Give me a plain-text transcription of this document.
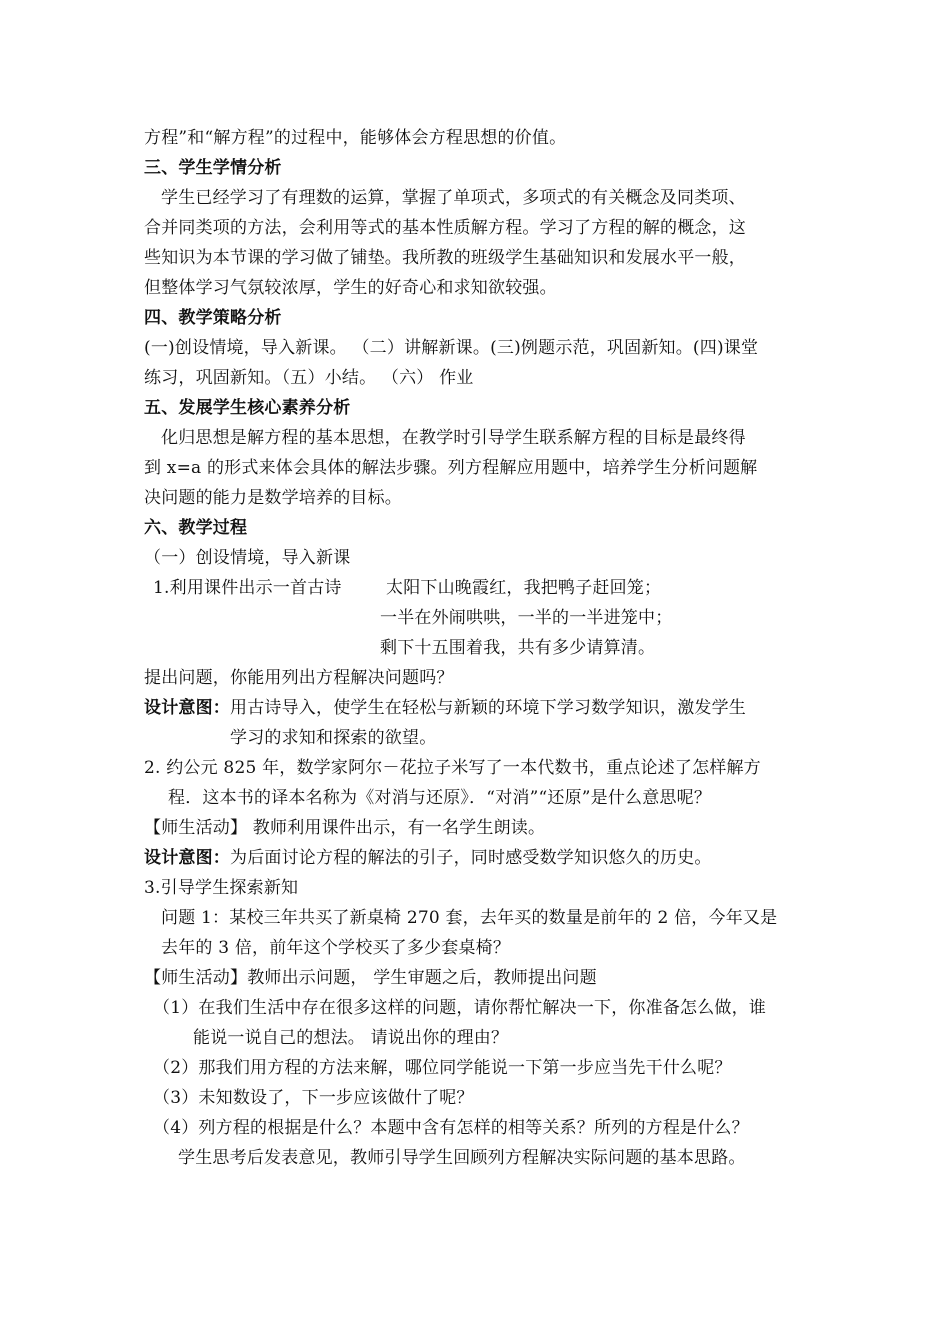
方程”和“解方程”的过程中，能够体会方程思想的价值。
三、学生学情分析
学生已经学习了有理数的运算，掌握了单项式，多项式的有关概念及同类项、
合并同类项的方法，会利用等式的基本性质解方程。学习了方程的解的概念，这
些知识为本节课的学习做了铺垫。我所教的班级学生基础知识和发展水平一般，
但整体学习气氛较浓厚，学生的好奇心和求知欲较强。
四、教学策略分析
(一)创设情境，导入新课。 （二）讲解新课。(三)例题示范，巩固新知。(四)课堂
练习，巩固新知。（五）小结。 （六） 作业
五、发展学生核心素养分析
化归思想是解方程的基本思想，在教学时引导学生联系解方程的目标是最终得
到 x=a 的形式来体会具体的解法步骤。列方程解应用题中，培养学生分析问题解
决问题的能力是数学培养的目标。
六、教学过程
（一）创设情境，导入新课
1.利用课件出示一首古诗	太阳下山晚霞红，我把鸭子赶回笼；
一半在外闹哄哄，一半的一半进笼中；
剩下十五围着我，共有多少请算清。
提出问题，你能用列出方程解决问题吗？
设计意图： 用古诗导入，使学生在轻松与新颖的环境下学习数学知识，激发学生
学习的求知和探索的欲望。
2. 约公元 825 年，数学家阿尔－花拉子米写了一本代数书，重点论述了怎样解方
程．这本书的译本名称为《对消与还原》．“对消”“还原”是什么意思呢？
【师生活动】 教师利用课件出示，有一名学生朗读。
设计意图： 为后面讨论方程的解法的引子，同时感受数学知识悠久的历史。
3.引导学生探索新知
问题 1：某校三年共买了新桌椅 270 套，去年买的数量是前年的 2 倍，今年又是
去年的 3 倍，前年这个学校买了多少套桌椅？
【师生活动】教师出示问题， 学生审题之后，教师提出问题
（1）在我们生活中存在很多这样的问题，请你帮忙解决一下，你准备怎么做，谁
能说一说自己的想法。 请说出你的理由？
（2）那我们用方程的方法来解，哪位同学能说一下第一步应当先干什么呢？
（3）未知数设了，下一步应该做什了呢？
（4）列方程的根据是什么？本题中含有怎样的相等关系？所列的方程是什么？
学生思考后发表意见，教师引导学生回顾列方程解决实际问题的基本思路。
